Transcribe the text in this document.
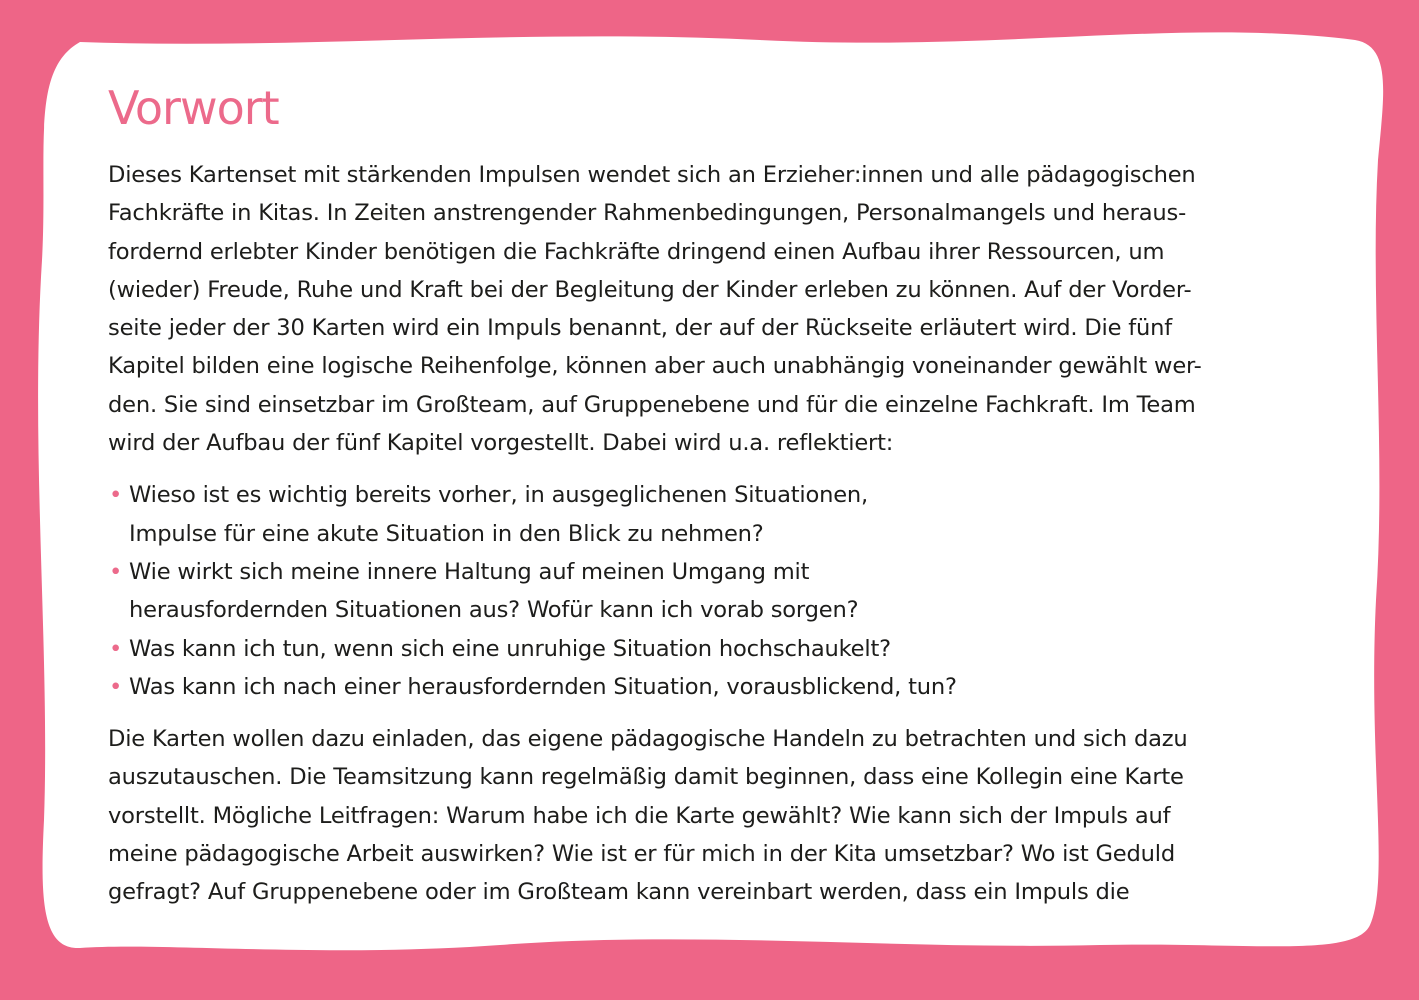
Vorwort

Dieses Kartenset mit stärkenden Impulsen wendet sich an Erzieher:innen und alle pädagogischen
Fachkräfte in Kitas. In Zeiten anstrengender Rahmenbedingungen, Personalmangels und heraus-
fordernd erlebter Kinder benötigen die Fachkräfte dringend einen Aufbau ihrer Ressourcen, um
(wieder) Freude, Ruhe und Kraft bei der Begleitung der Kinder erleben zu können. Auf der Vorder-
seite jeder der 30 Karten wird ein Impuls benannt, der auf der Rückseite erläutert wird. Die fünf
Kapitel bilden eine logische Reihenfolge, können aber auch unabhängig voneinander gewählt wer-
den. Sie sind einsetzbar im Großteam, auf Gruppenebene und für die einzelne Fachkraft. Im Team
wird der Aufbau der fünf Kapitel vorgestellt. Dabei wird u.a. reflektiert:

• Wieso ist es wichtig bereits vorher, in ausgeglichenen Situationen,
Impulse für eine akute Situation in den Blick zu nehmen?
• Wie wirkt sich meine innere Haltung auf meinen Umgang mit
herausfordernden Situationen aus? Wofür kann ich vorab sorgen?
• Was kann ich tun, wenn sich eine unruhige Situation hochschaukelt?
• Was kann ich nach einer herausfordernden Situation, vorausblickend, tun?

Die Karten wollen dazu einladen, das eigene pädagogische Handeln zu betrachten und sich dazu
auszutauschen. Die Teamsitzung kann regelmäßig damit beginnen, dass eine Kollegin eine Karte
vorstellt. Mögliche Leitfragen: Warum habe ich die Karte gewählt? Wie kann sich der Impuls auf
meine pädagogische Arbeit auswirken? Wie ist er für mich in der Kita umsetzbar? Wo ist Geduld
gefragt? Auf Gruppenebene oder im Großteam kann vereinbart werden, dass ein Impuls die
